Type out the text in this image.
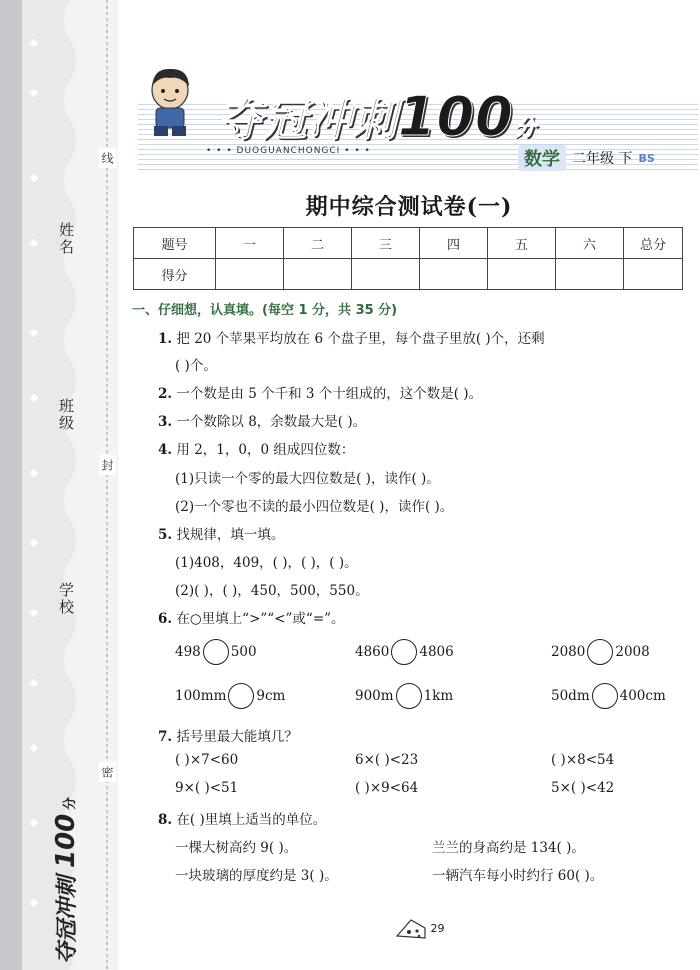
姓名
班级
学校
线
封
密
夺冠冲刺
100
分
夺冠冲刺100分
• • • DUOGUANCHONGCI • • •	数学 二年级 下 BS
期中综合测试卷(一)
题号	一	二	三	四	五	六	总分
得分							
一、仔细想，认真填。(每空 1 分，共 35 分)
1. 把 20 个苹果平均放在 6 个盘子里，每个盘子里放( )个，还剩
( )个。
2. 一个数是由 5 个千和 3 个十组成的，这个数是( )。
3. 一个数除以 8，余数最大是( )。
4. 用 2，1，0，0 组成四位数：
(1)只读一个零的最大四位数是( )，读作( )。
(2)一个零也不读的最小四位数是( )，读作( )。
5. 找规律，填一填。
(1)408，409，( )，( )，( )。
(2)( )，( )，450，500，550。
6. 在○里填上“>”“<”或“=”。
498 500	4860 4806	2080 2008
100mm 9cm	900m 1km	50dm 400cm
7. 括号里最大能填几？
( )×7<60	6×( )<23	( )×8<54
9×( )<51	( )×9<64	5×( )<42
8. 在( )里填上适当的单位。
一棵大树高约 9( )。	兰兰的身高约是 134( )。
一块玻璃的厚度约是 3( )。	一辆汽车每小时约行 60( )。
29
